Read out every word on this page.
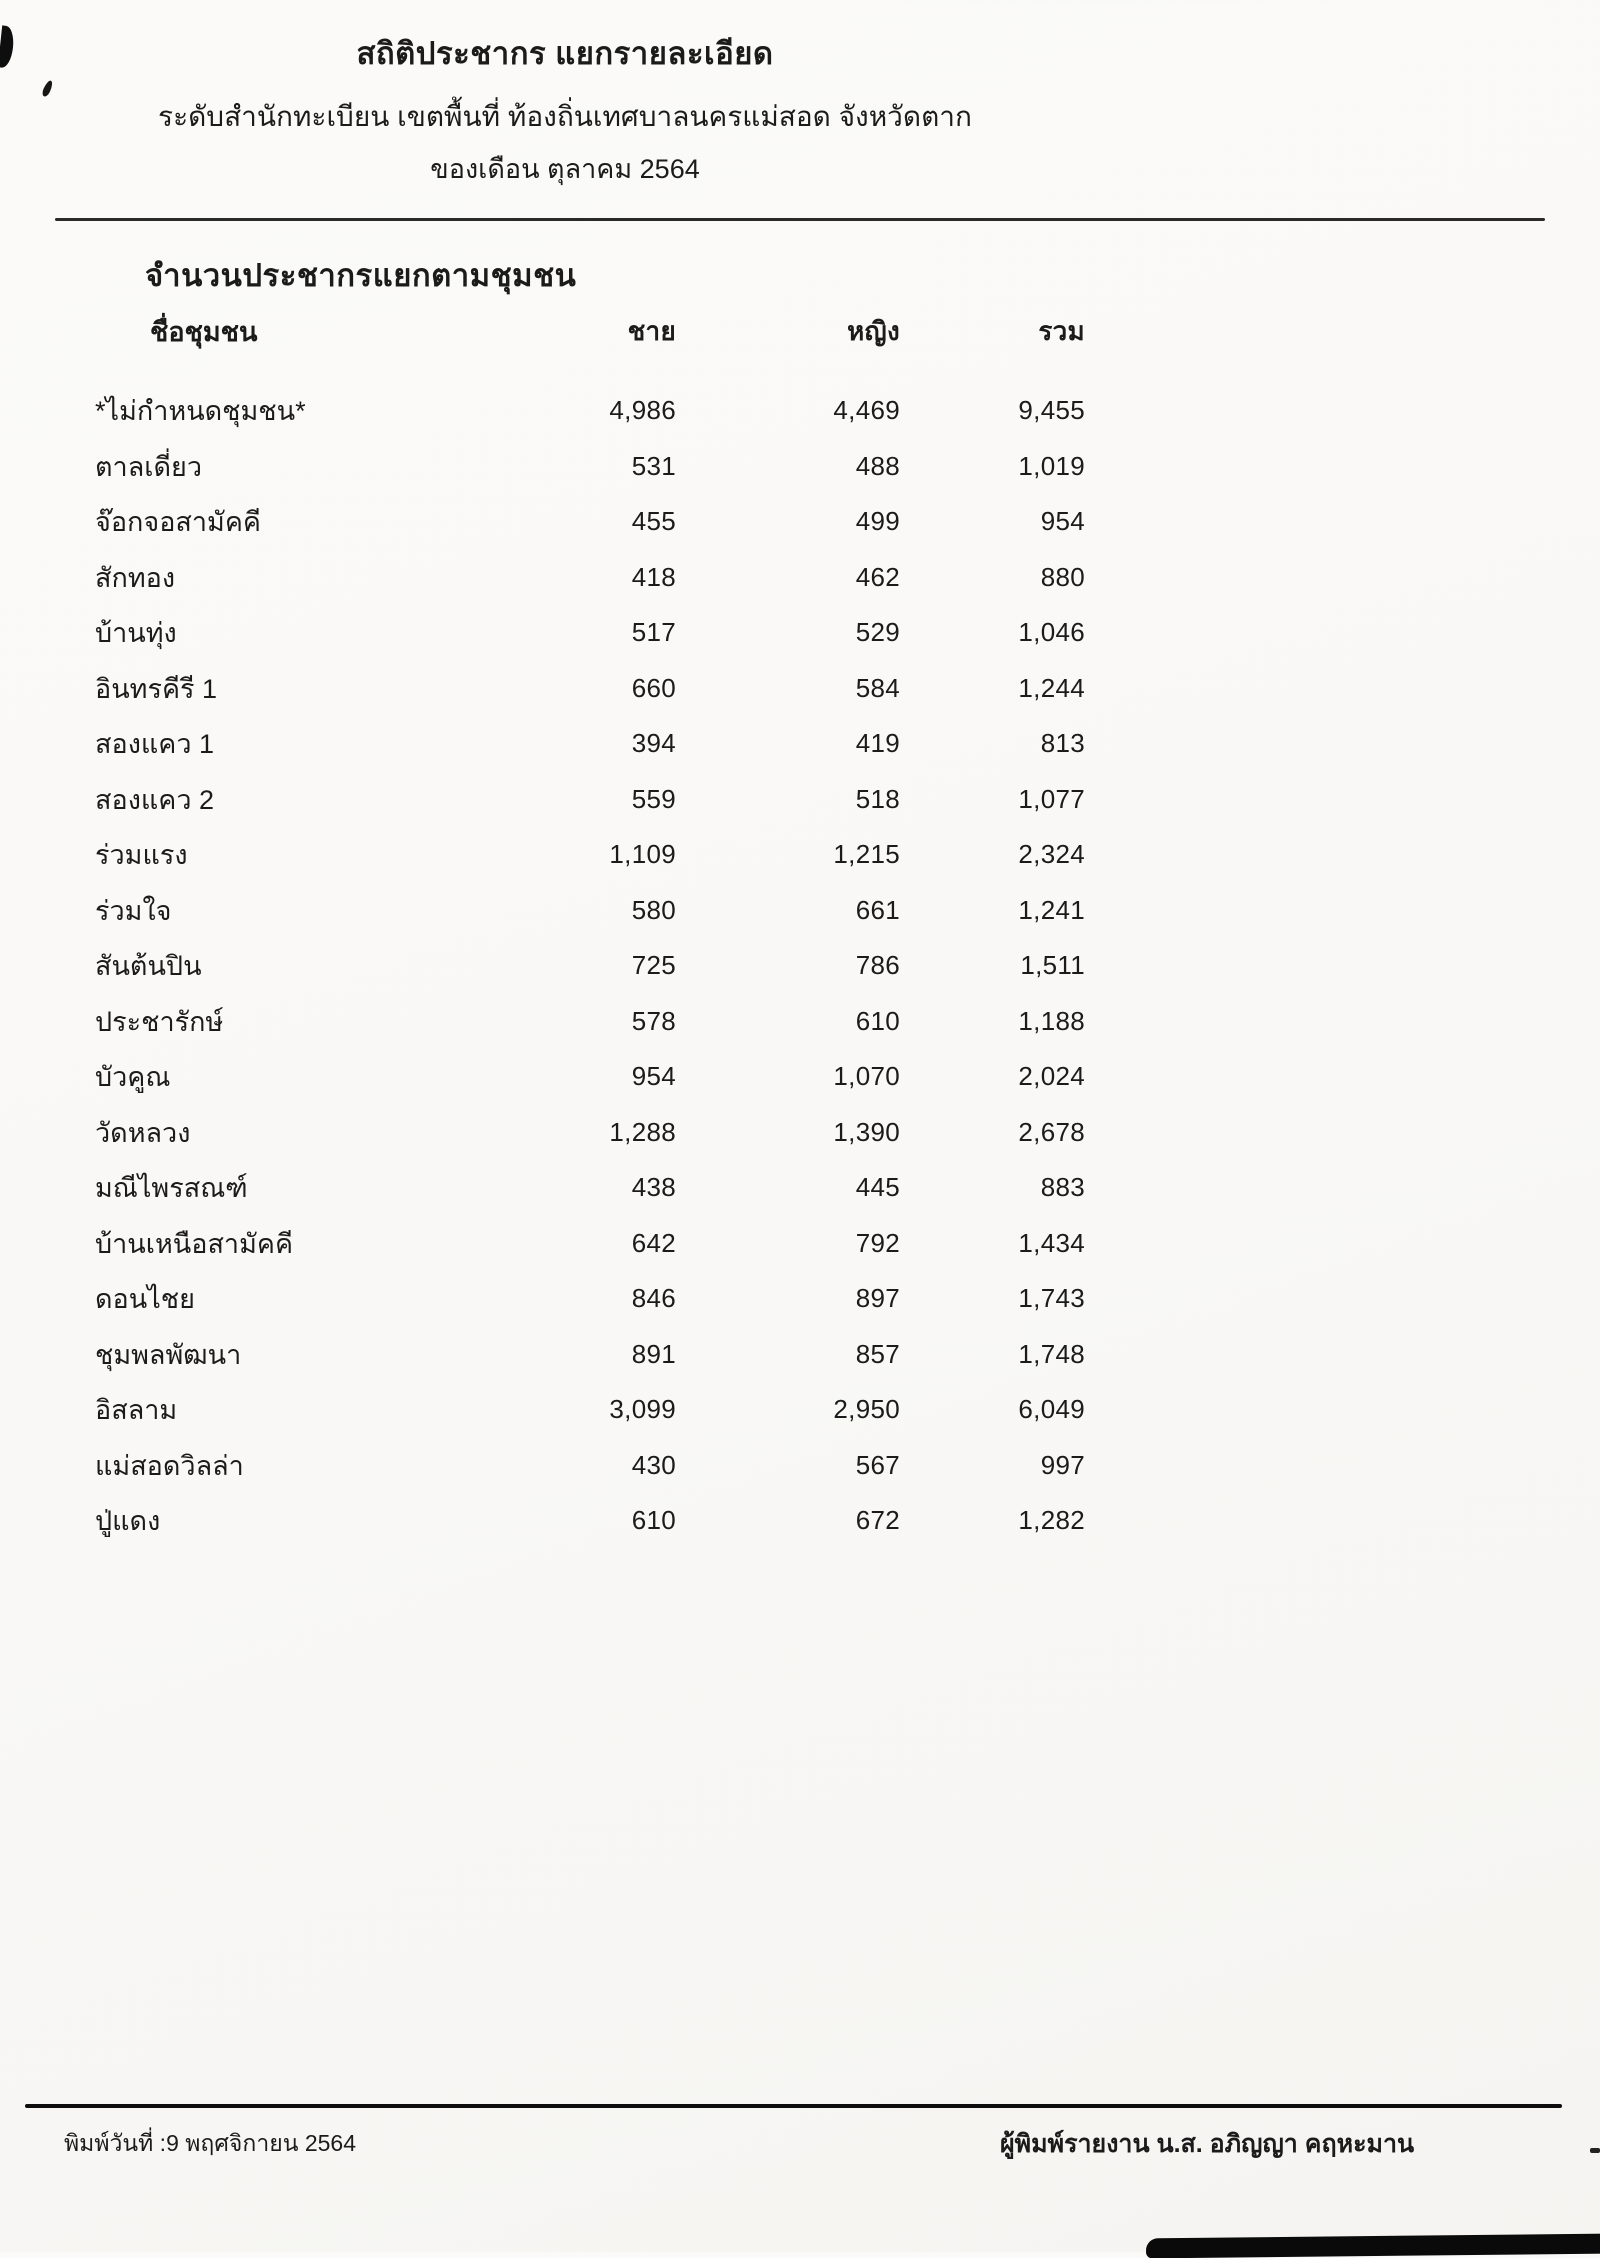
สถิติประชากร แยกรายละเอียด
ระดับสำนักทะเบียน เขตพื้นที่ ท้องถิ่นเทศบาลนครแม่สอด จังหวัดตาก
ของเดือน ตุลาคม 2564
จำนวนประชากรแยกตามชุมชน
ชื่อชุมชน	ชาย	หญิง	รวม
*ไม่กำหนดชุมชน*	4,986	4,469	9,455
ตาลเดี่ยว	531	488	1,019
จ๊อกจอสามัคคี	455	499	954
สักทอง	418	462	880
บ้านทุ่ง	517	529	1,046
อินทรคีรี 1	660	584	1,244
สองแคว 1	394	419	813
สองแคว 2	559	518	1,077
ร่วมแรง	1,109	1,215	2,324
ร่วมใจ	580	661	1,241
สันต้นปิน	725	786	1,511
ประชารักษ์	578	610	1,188
บัวคูณ	954	1,070	2,024
วัดหลวง	1,288	1,390	2,678
มณีไพรสณฑ์	438	445	883
บ้านเหนือสามัคคี	642	792	1,434
ดอนไชย	846	897	1,743
ชุมพลพัฒนา	891	857	1,748
อิสลาม	3,099	2,950	6,049
แม่สอดวิลล่า	430	567	997
ปู่แดง	610	672	1,282
พิมพ์วันที่ :9 พฤศจิกายน 2564	ผู้พิมพ์รายงาน น.ส. อภิญญา คฤหะมาน
